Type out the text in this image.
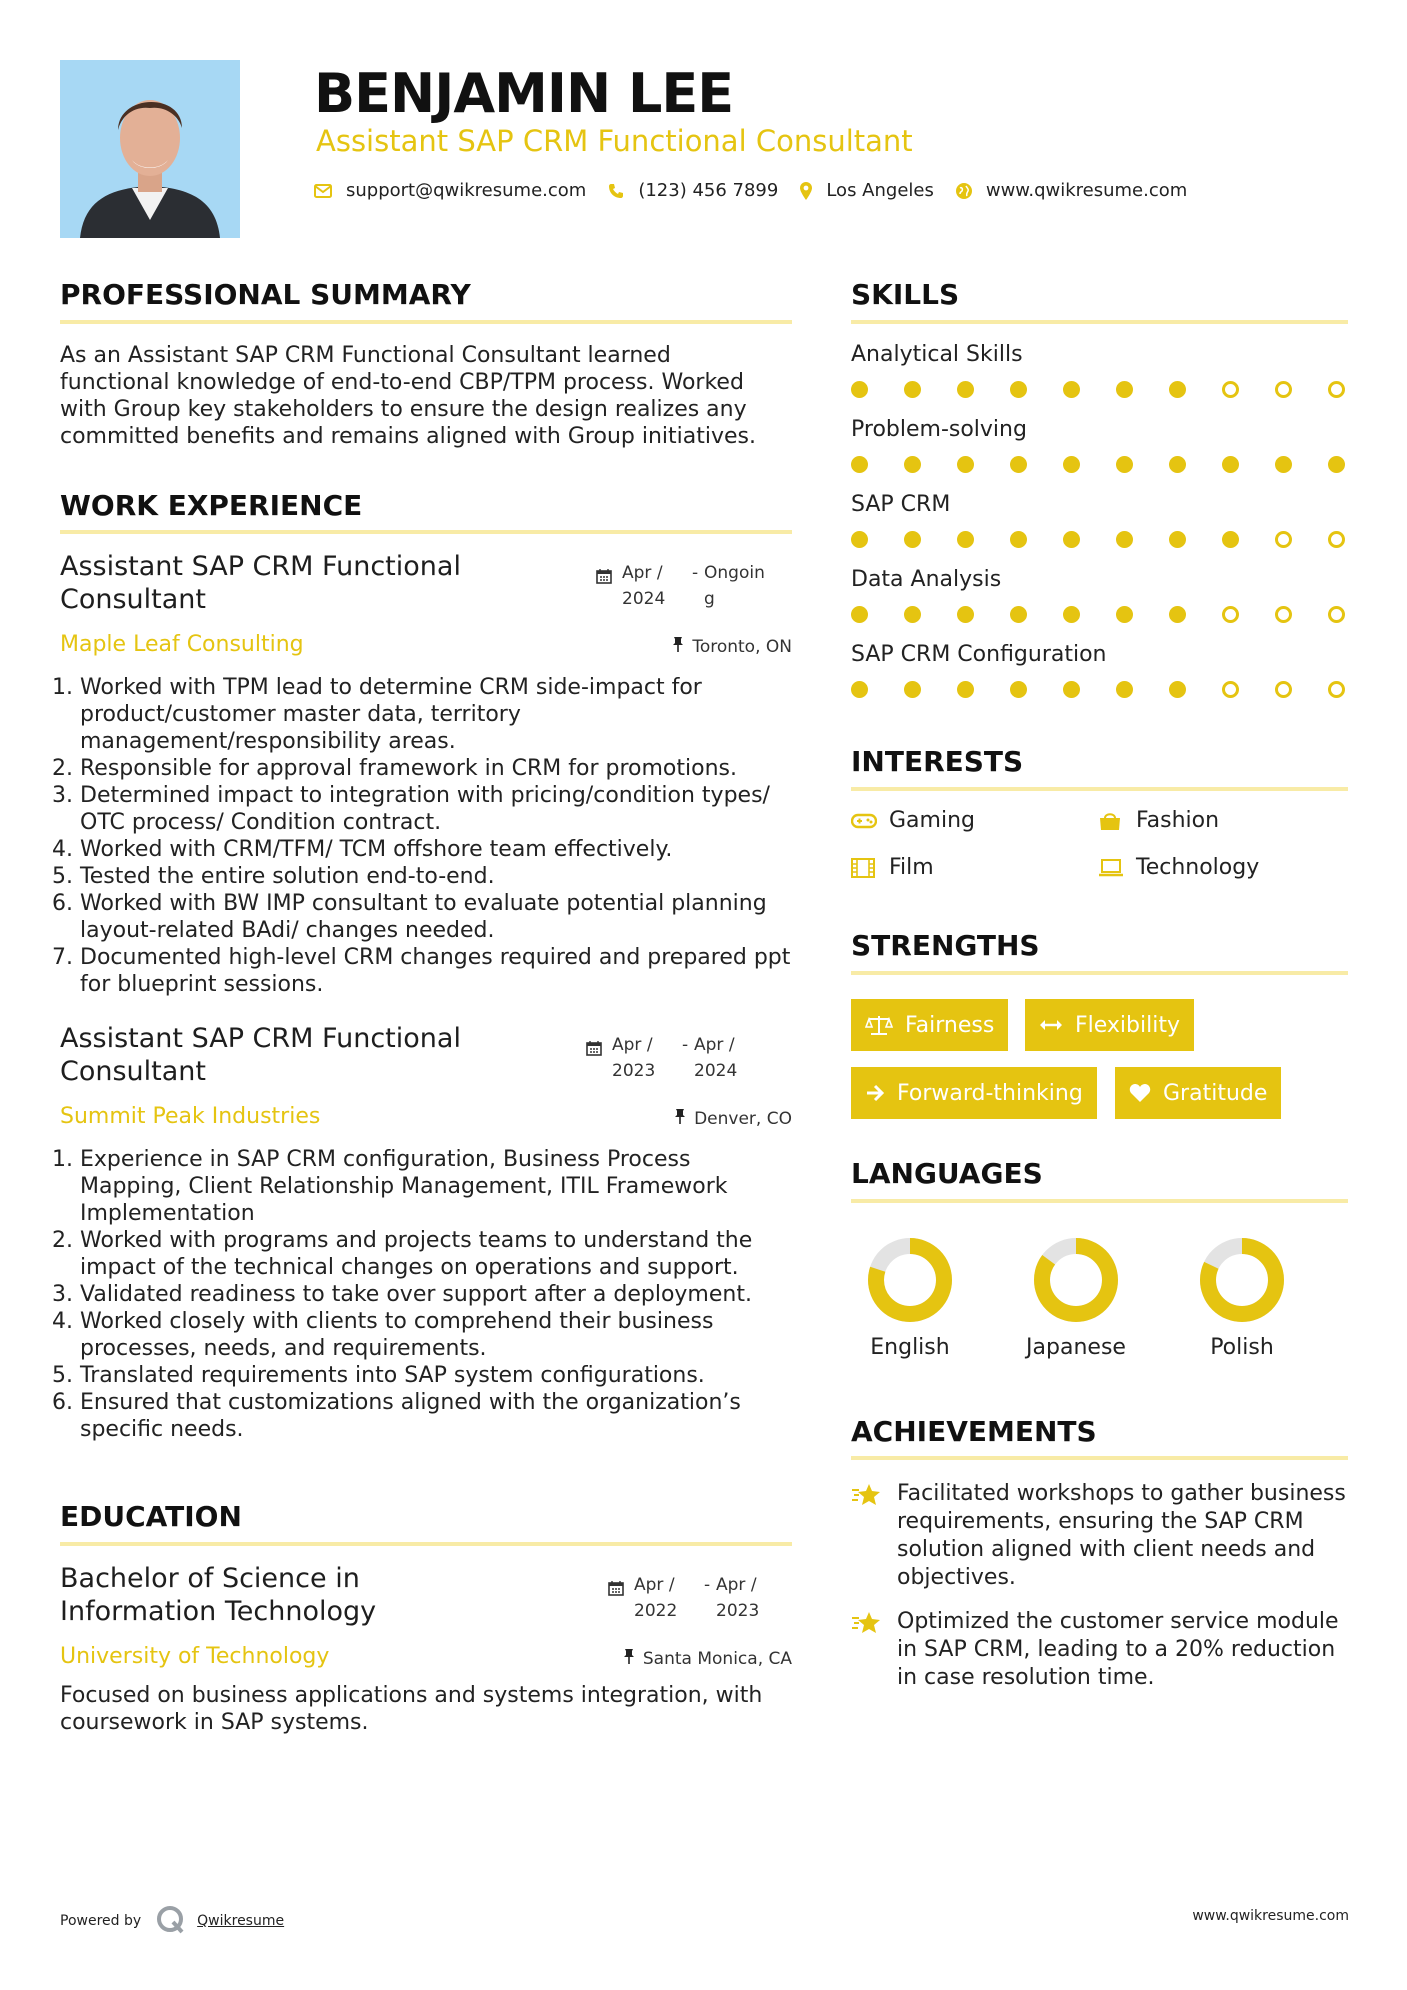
BENJAMIN LEE
Assistant SAP CRM Functional Consultant
support@qwikresume.com	(123) 456 7899	Los Angeles	www.qwikresume.com
PROFESSIONAL SUMMARY
As an Assistant SAP CRM Functional Consultant learned
functional knowledge of end-to-end CBP/TPM process. Worked
with Group key stakeholders to ensure the design realizes any
committed benefits and remains aligned with Group initiatives.
WORK EXPERIENCE
Assistant SAP CRM Functional Consultant
Apr / 2024
- Ongoin g
Maple Leaf Consulting	Toronto, ON
1. Worked with TPM lead to determine CRM side-impact for product/customer master data, territory management/responsibility areas.
2. Responsible for approval framework in CRM for promotions.
3. Determined impact to integration with pricing/condition types/ OTC process/ Condition contract.
4. Worked with CRM/TFM/ TCM offshore team effectively.
5. Tested the entire solution end-to-end.
6. Worked with BW IMP consultant to evaluate potential planning layout-related BAdi/ changes needed.
7. Documented high-level CRM changes required and prepared ppt for blueprint sessions.
Assistant SAP CRM Functional Consultant
Apr / 2023
- Apr / 2024
Summit Peak Industries	Denver, CO
1. Experience in SAP CRM configuration, Business Process Mapping, Client Relationship Management, ITIL Framework Implementation
2. Worked with programs and projects teams to understand the impact of the technical changes on operations and support.
3. Validated readiness to take over support after a deployment.
4. Worked closely with clients to comprehend their business processes, needs, and requirements.
5. Translated requirements into SAP system configurations.
6. Ensured that customizations aligned with the organization’s specific needs.
EDUCATION
Bachelor of Science in Information Technology
Apr / 2022
- Apr / 2023
University of Technology	Santa Monica, CA
Focused on business applications and systems integration, with coursework in SAP systems.
SKILLS
Analytical Skills
Problem-solving
SAP CRM
Data Analysis
SAP CRM Configuration
INTERESTS
Gaming	Fashion
Film	Technology
STRENGTHS
Fairness	Flexibility
Forward-thinking	Gratitude
LANGUAGES
English	Japanese	Polish
ACHIEVEMENTS
Facilitated workshops to gather business requirements, ensuring the SAP CRM solution aligned with client needs and objectives.
Optimized the customer service module in SAP CRM, leading to a 20% reduction in case resolution time.
Powered by	Qwikresume	www.qwikresume.com
